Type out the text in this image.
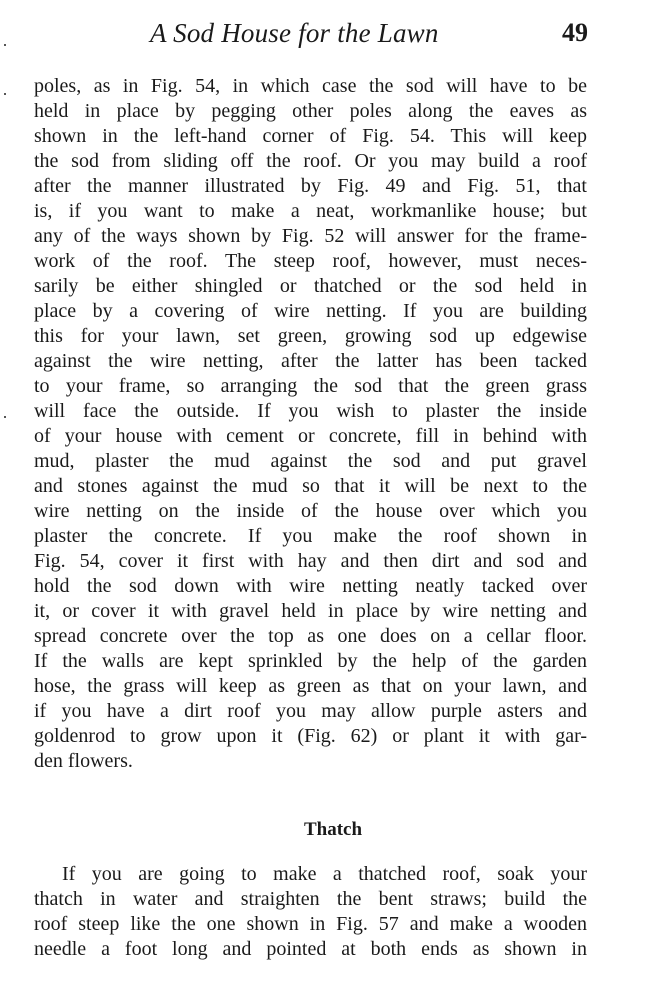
A Sod House for the Lawn	49
poles, as in Fig. 54, in which case the sod will have to be
held in place by pegging other poles along the eaves as
shown in the left-hand corner of Fig. 54. This will keep
the sod from sliding off the roof. Or you may build a roof
after the manner illustrated by Fig. 49 and Fig. 51, that
is, if you want to make a neat, workmanlike house; but
any of the ways shown by Fig. 52 will answer for the frame-
work of the roof. The steep roof, however, must neces-
sarily be either shingled or thatched or the sod held in
place by a covering of wire netting. If you are building
this for your lawn, set green, growing sod up edgewise
against the wire netting, after the latter has been tacked
to your frame, so arranging the sod that the green grass
will face the outside. If you wish to plaster the inside
of your house with cement or concrete, fill in behind with
mud, plaster the mud against the sod and put gravel
and stones against the mud so that it will be next to the
wire netting on the inside of the house over which you
plaster the concrete. If you make the roof shown in
Fig. 54, cover it first with hay and then dirt and sod and
hold the sod down with wire netting neatly tacked over
it, or cover it with gravel held in place by wire netting and
spread concrete over the top as one does on a cellar floor.
If the walls are kept sprinkled by the help of the garden
hose, the grass will keep as green as that on your lawn, and
if you have a dirt roof you may allow purple asters and
goldenrod to grow upon it (Fig. 62) or plant it with gar-
den flowers.
Thatch
If you are going to make a thatched roof, soak your
thatch in water and straighten the bent straws; build the
roof steep like the one shown in Fig. 57 and make a wooden
needle a foot long and pointed at both ends as shown in
